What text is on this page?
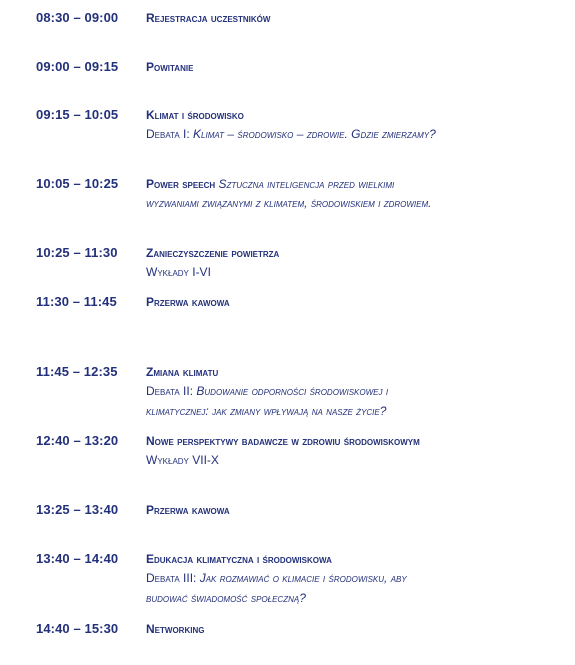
08:30 – 09:00 Rejestracja uczestników
09:00 – 09:15 Powitanie
09:15 – 10:05 Klimat i środowisko
Debata I: Klimat – środowisko – zdrowie. Gdzie zmierzamy?
10:05 – 10:25 Power speech Sztuczna inteligencja przed wielkimi
wyzwaniami związanymi z klimatem, środowiskiem i zdrowiem.
10:25 – 11:30 Zanieczyszczenie powietrza
Wykłady I-VI
11:30 – 11:45 Przerwa kawowa
11:45 – 12:35 Zmiana klimatu
Debata II: Budowanie odporności środowiskowej i
klimatycznej: jak zmiany wpływają na nasze życie?
12:40 – 13:20 Nowe perspektywy badawcze w zdrowiu środowiskowym
Wykłady VII-X
13:25 – 13:40 Przerwa kawowa
13:40 – 14:40 Edukacja klimatyczna i środowiskowa
Debata III: Jak rozmawiać o klimacie i środowisku, aby
budować świadomość społeczną?
14:40 – 15:30 Networking
